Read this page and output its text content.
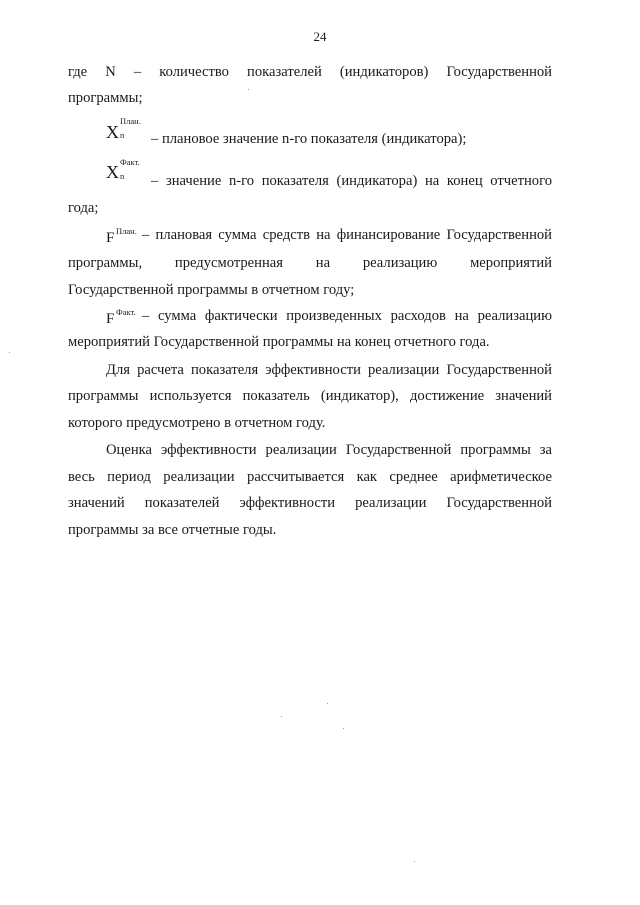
24
где N – количество показателей (индикаторов) Государственной
программы;
X
План.
n – плановое значение n-го показателя (индикатора);
X Факт.
n – значение n-го показателя (индикатора) на конец отчетного
года;
F План. – плановая сумма средств на финансирование Государственной
программы, предусмотренная на реализацию мероприятий
Государственной программы в отчетном году;
F Факт. – сумма фактически произведенных расходов на реализацию
мероприятий Государственной программы на конец отчетного года.
Для расчета показателя эффективности реализации Государственной
программы используется показатель (индикатор), достижение значений
которого предусмотрено в отчетном году.
Оценка эффективности реализации Государственной программы за
весь период реализации рассчитывается как среднее арифметическое
значений показателей эффективности реализации Государственной
программы за все отчетные годы.
